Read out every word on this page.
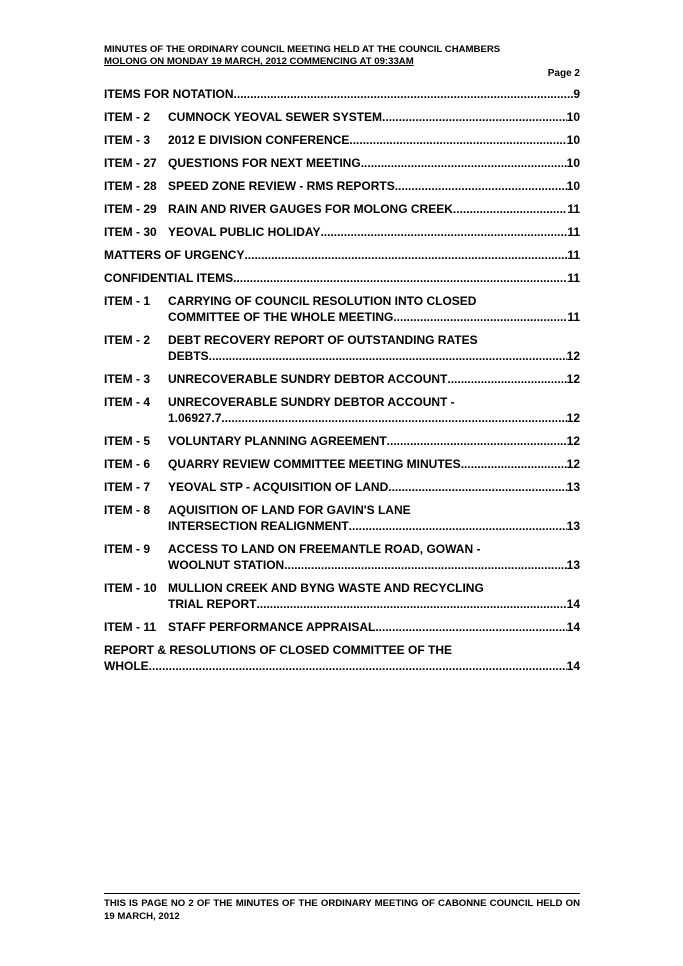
MINUTES OF THE ORDINARY COUNCIL MEETING HELD AT THE COUNCIL CHAMBERS
MOLONG ON MONDAY 19 MARCH, 2012 COMMENCING AT 09:33AM
Page 2
ITEMS FOR NOTATION .....	9
ITEM - 2	CUMNOCK YEOVAL SEWER SYSTEM .....	10
ITEM - 3	2012 E DIVISION CONFERENCE .....	10
ITEM - 27 QUESTIONS FOR NEXT MEETING .....	10
ITEM - 28 SPEED ZONE REVIEW - RMS REPORTS .....	10
ITEM - 29 RAIN AND RIVER GAUGES FOR MOLONG CREEK .....	11
ITEM - 30 YEOVAL PUBLIC HOLIDAY .....	11
MATTERS OF URGENCY .....	11
CONFIDENTIAL ITEMS .....	11
ITEM - 1	CARRYING OF COUNCIL RESOLUTION INTO CLOSED
COMMITTEE OF THE WHOLE MEETING .....	11
ITEM - 2	DEBT RECOVERY REPORT OF OUTSTANDING RATES
DEBTS .....	12
ITEM - 3	UNRECOVERABLE SUNDRY DEBTOR ACCOUNT .....	12
ITEM - 4	UNRECOVERABLE SUNDRY DEBTOR ACCOUNT -
1.06927.7 .....	12
ITEM - 5	VOLUNTARY PLANNING AGREEMENT .....	12
ITEM - 6	QUARRY REVIEW COMMITTEE MEETING MINUTES .....	12
ITEM - 7	YEOVAL STP - ACQUISITION OF LAND .....	13
ITEM - 8	AQUISITION OF LAND FOR GAVIN'S LANE
INTERSECTION REALIGNMENT .....	13
ITEM - 9	ACCESS TO LAND ON FREEMANTLE ROAD, GOWAN -
WOOLNUT STATION .....	13
ITEM - 10 MULLION CREEK AND BYNG WASTE AND RECYCLING
TRIAL REPORT .....	14
ITEM - 11 STAFF PERFORMANCE APPRAISAL .....	14
REPORT & RESOLUTIONS OF CLOSED COMMITTEE OF THE
WHOLE .....	14
THIS IS PAGE NO 2 OF THE MINUTES OF THE ORDINARY MEETING OF CABONNE COUNCIL HELD ON 19 MARCH, 2012
